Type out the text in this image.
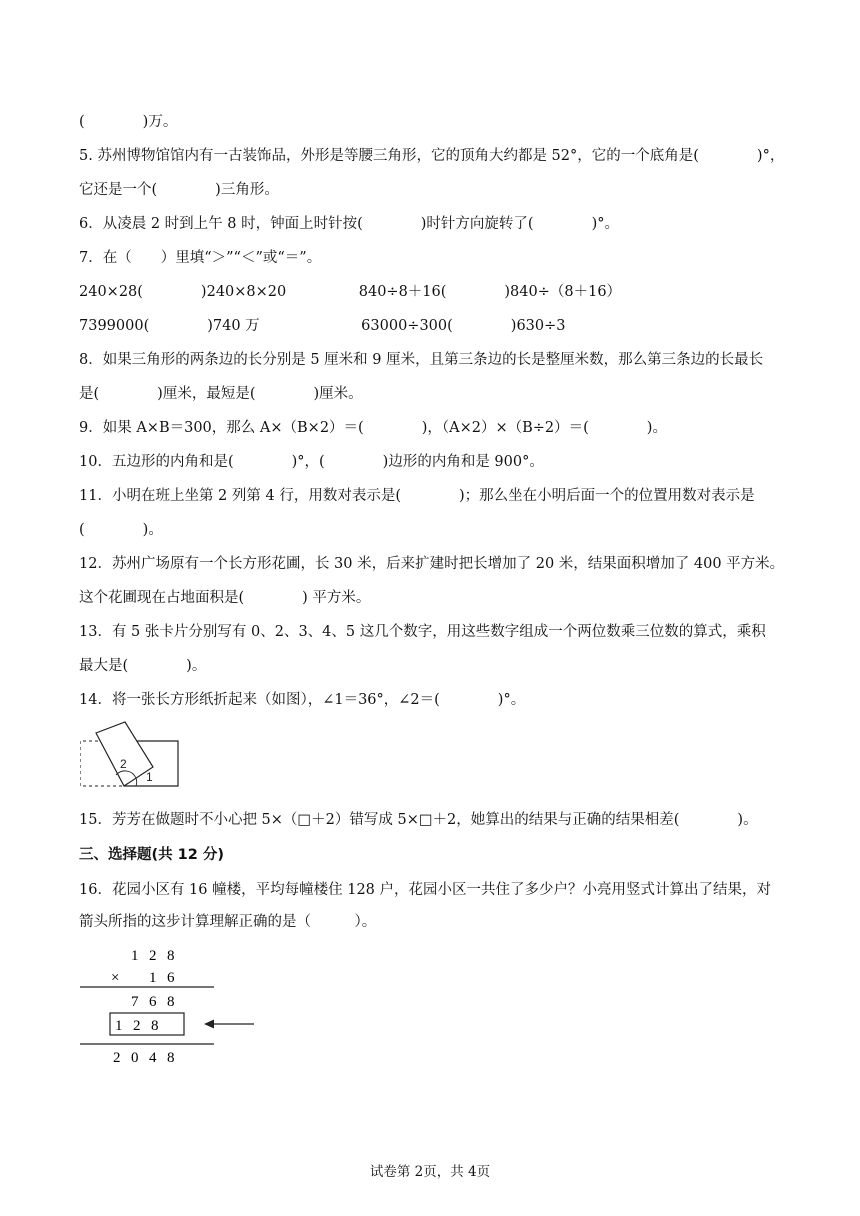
(　　　　)万。
5. 苏州博物馆馆内有一古装饰品，外形是等腰三角形，它的顶角大约都是 52°，它的一个底角是(　　　　)°，
它还是一个(　　　　)三角形。
6．从凌晨 2 时到上午 8 时，钟面上时针按(　　　　)时针方向旋转了(　　　　)°。
7．在（　　）里填“＞”“＜”或“＝”。
240×28(　　　　)240×8×20　　　　　840÷8＋16(　　　　)840÷（8＋16）
7399000(　　　　)740 万　　　　　　　63000÷300(　　　　)630÷3
8．如果三角形的两条边的长分别是 5 厘米和 9 厘米，且第三条边的长是整厘米数，那么第三条边的长最长
是(　　　　)厘米，最短是(　　　　)厘米。
9．如果 A×B＝300，那么 A×（B×2）＝(　　　　)，（A×2）×（B÷2）＝(　　　　)。
10．五边形的内角和是(　　　　)°，(　　　　)边形的内角和是 900°。
11．小明在班上坐第 2 列第 4 行，用数对表示是(　　　　)；那么坐在小明后面一个的位置用数对表示是
(　　　　)。
12．苏州广场原有一个长方形花圃，长 30 米，后来扩建时把长增加了 20 米，结果面积增加了 400 平方米。
这个花圃现在占地面积是(　　　　) 平方米。
13．有 5 张卡片分别写有 0、2、3、4、5 这几个数字，用这些数字组成一个两位数乘三位数的算式，乘积
最大是(　　　　)。
14．将一张长方形纸折起来（如图），∠1＝36°，∠2＝(　　　　)°。
2
1
15．芳芳在做题时不小心把 5×（□＋2）错写成 5×□＋2，她算出的结果与正确的结果相差(　　　　)。
三、选择题(共 12 分)
16．花园小区有 16 幢楼，平均每幢楼住 128 户，花园小区一共住了多少户？小亮用竖式计算出了结果，对
箭头所指的这步计算理解正确的是（　　　）。
1 2 8
× 1 6
7 6 8
1 2 8
2 0 4 8
试卷第 2页，共 4页
